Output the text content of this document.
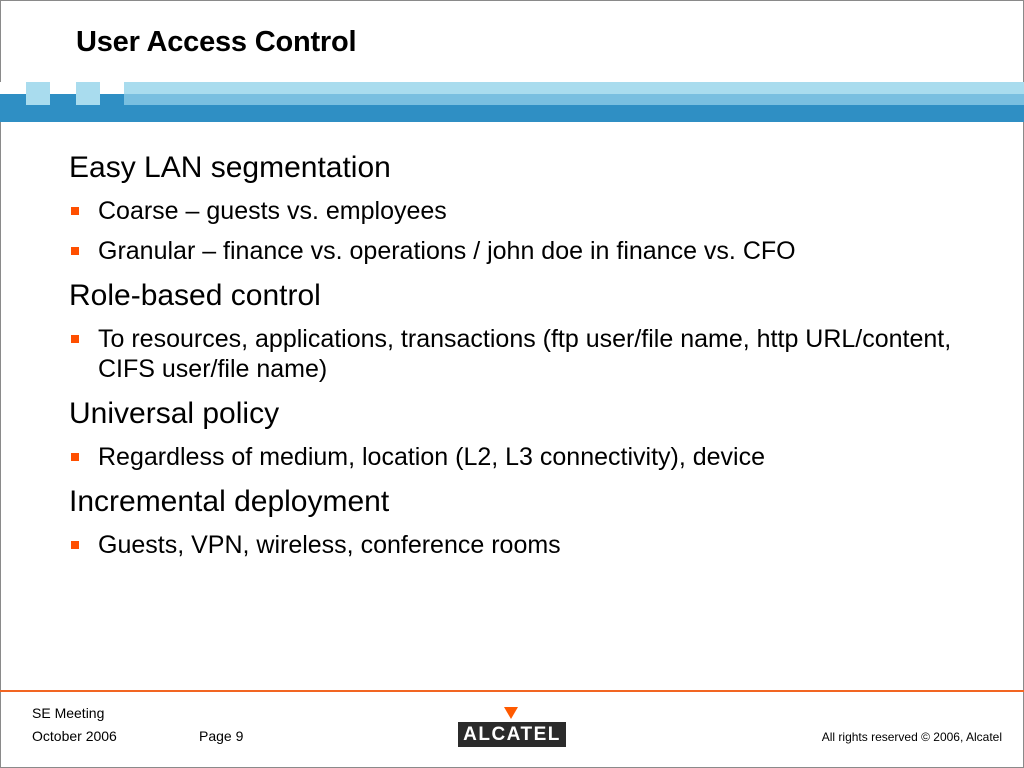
User Access Control
Easy LAN segmentation
Coarse – guests vs. employees
Granular – finance vs. operations / john doe in finance vs. CFO
Role-based control
To resources, applications, transactions (ftp user/file name, http URL/content, CIFS user/file name)
Universal policy
Regardless of medium, location (L2, L3 connectivity), device
Incremental deployment
Guests, VPN, wireless, conference rooms
SE Meeting
October 2006	Page 9	ALCATEL	All rights reserved © 2006, Alcatel
